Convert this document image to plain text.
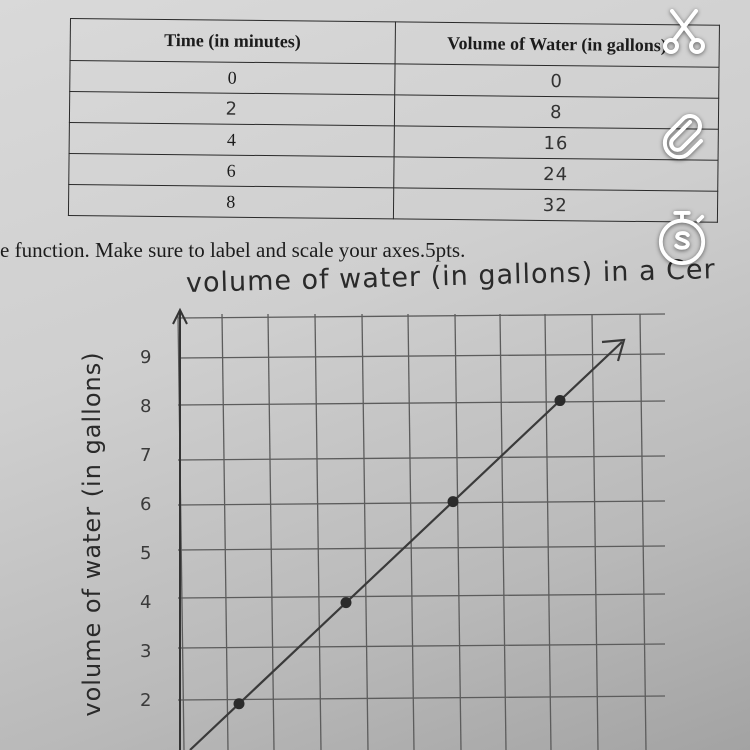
Time (in minutes)	Volume of Water (in gallons)
0	0
2	8
4	16
6	24
8	32
e function. Make sure to label and scale your axes.5pts.
volume of water (in gallons) in a Cer
2
3
4
5
6
7
8
9
volume of water (in gallons)
